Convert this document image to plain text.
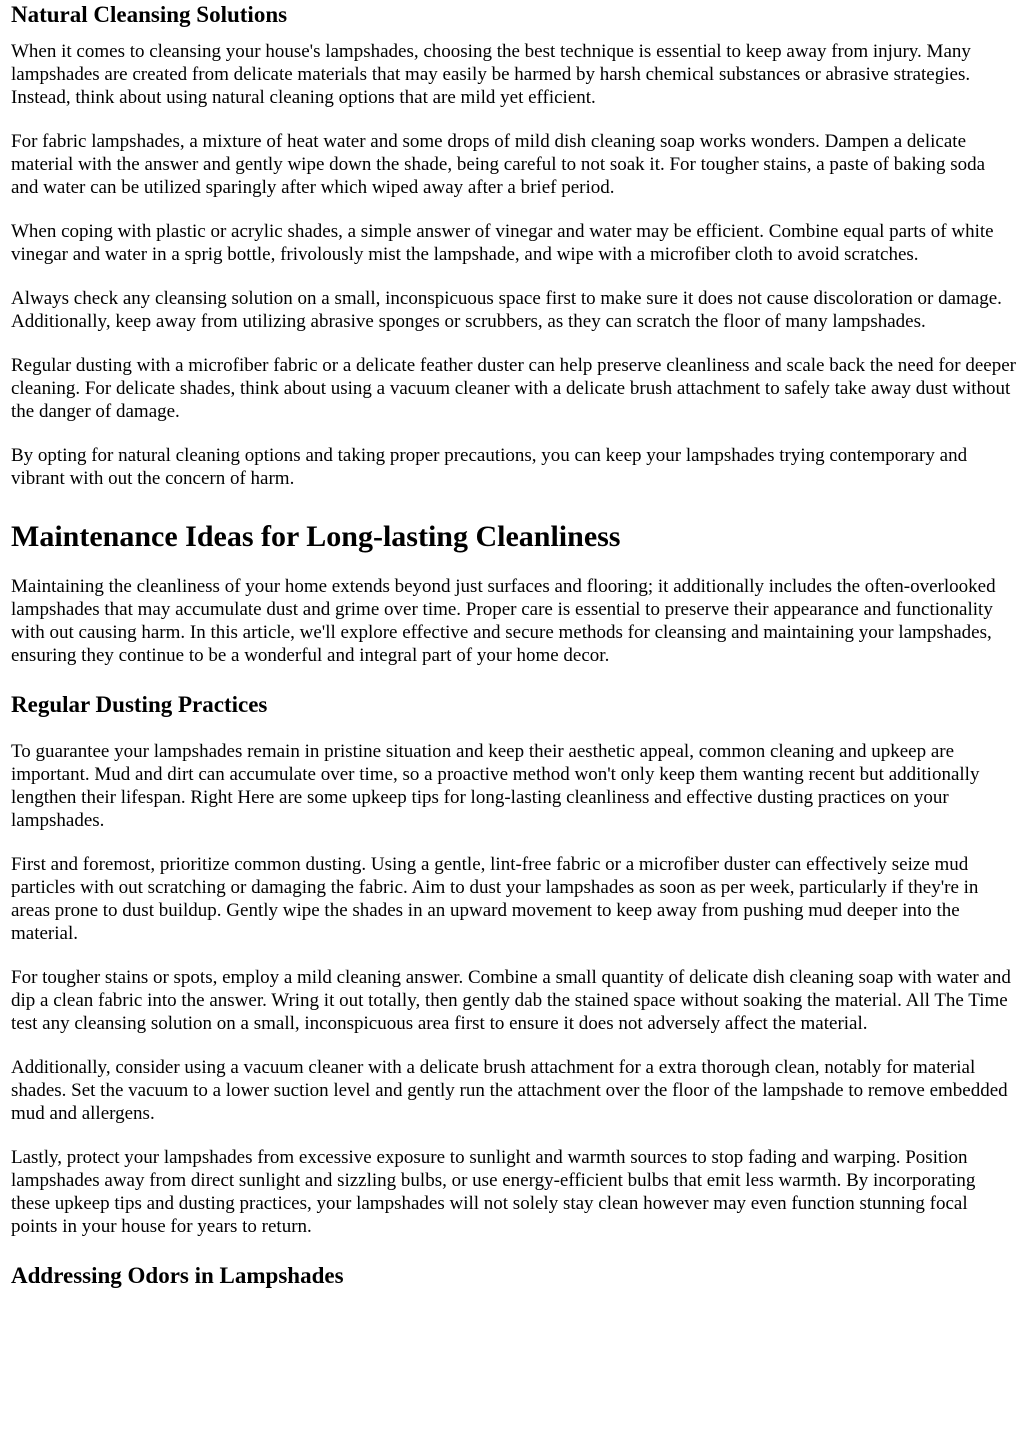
Natural Cleansing Solutions

When it comes to cleansing your house's lampshades, choosing the best technique is essential to keep away from injury. Many lampshades are created from delicate materials that may easily be harmed by harsh chemical substances or abrasive strategies. Instead, think about using natural cleaning options that are mild yet efficient.

For fabric lampshades, a mixture of heat water and some drops of mild dish cleaning soap works wonders. Dampen a delicate material with the answer and gently wipe down the shade, being careful to not soak it. For tougher stains, a paste of baking soda and water can be utilized sparingly after which wiped away after a brief period.

When coping with plastic or acrylic shades, a simple answer of vinegar and water may be efficient. Combine equal parts of white vinegar and water in a sprig bottle, frivolously mist the lampshade, and wipe with a microfiber cloth to avoid scratches.

Always check any cleansing solution on a small, inconspicuous space first to make sure it does not cause discoloration or damage. Additionally, keep away from utilizing abrasive sponges or scrubbers, as they can scratch the floor of many lampshades.

Regular dusting with a microfiber fabric or a delicate feather duster can help preserve cleanliness and scale back the need for deeper cleaning. For delicate shades, think about using a vacuum cleaner with a delicate brush attachment to safely take away dust without the danger of damage.

By opting for natural cleaning options and taking proper precautions, you can keep your lampshades trying contemporary and vibrant with out the concern of harm.

Maintenance Ideas for Long-lasting Cleanliness

Maintaining the cleanliness of your home extends beyond just surfaces and flooring; it additionally includes the often-overlooked lampshades that may accumulate dust and grime over time. Proper care is essential to preserve their appearance and functionality with out causing harm. In this article, we'll explore effective and secure methods for cleansing and maintaining your lampshades, ensuring they continue to be a wonderful and integral part of your home decor.

Regular Dusting Practices

To guarantee your lampshades remain in pristine situation and keep their aesthetic appeal, common cleaning and upkeep are important. Mud and dirt can accumulate over time, so a proactive method won't only keep them wanting recent but additionally lengthen their lifespan. Right Here are some upkeep tips for long-lasting cleanliness and effective dusting practices on your lampshades.

First and foremost, prioritize common dusting. Using a gentle, lint-free fabric or a microfiber duster can effectively seize mud particles with out scratching or damaging the fabric. Aim to dust your lampshades as soon as per week, particularly if they're in areas prone to dust buildup. Gently wipe the shades in an upward movement to keep away from pushing mud deeper into the material.

For tougher stains or spots, employ a mild cleaning answer. Combine a small quantity of delicate dish cleaning soap with water and dip a clean fabric into the answer. Wring it out totally, then gently dab the stained space without soaking the material. All The Time test any cleansing solution on a small, inconspicuous area first to ensure it does not adversely affect the material.

Additionally, consider using a vacuum cleaner with a delicate brush attachment for a extra thorough clean, notably for material shades. Set the vacuum to a lower suction level and gently run the attachment over the floor of the lampshade to remove embedded mud and allergens.

Lastly, protect your lampshades from excessive exposure to sunlight and warmth sources to stop fading and warping. Position lampshades away from direct sunlight and sizzling bulbs, or use energy-efficient bulbs that emit less warmth. By incorporating these upkeep tips and dusting practices, your lampshades will not solely stay clean however may even function stunning focal points in your house for years to return.

Addressing Odors in Lampshades
